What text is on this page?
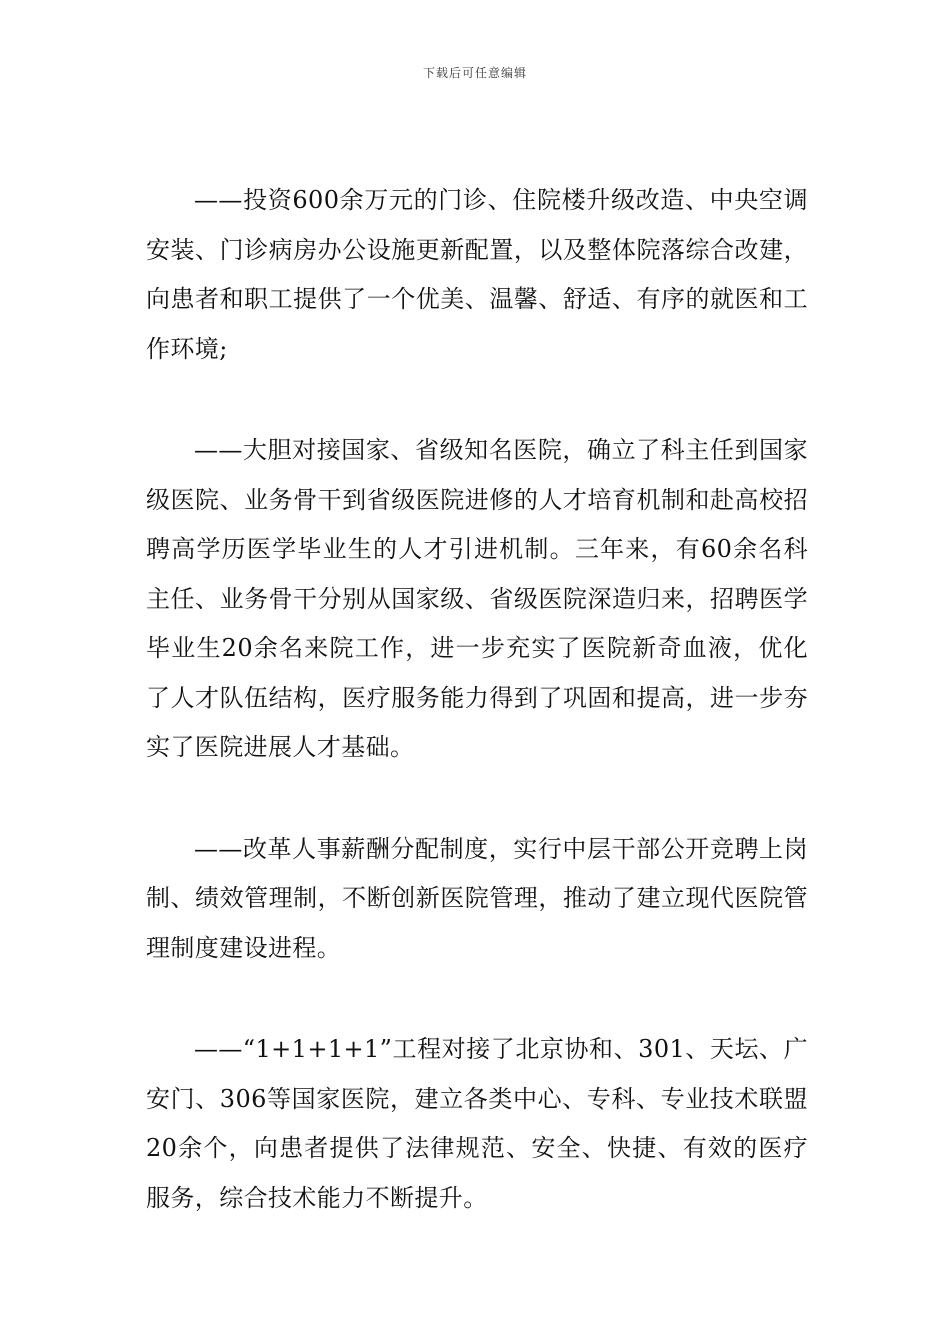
下载后可任意编辑

——投资600余万元的门诊、住院楼升级改造、中央空调安装、门诊病房办公设施更新配置，以及整体院落综合改建，向患者和职工提供了一个优美、温馨、舒适、有序的就医和工作环境;

——大胆对接国家、省级知名医院，确立了科主任到国家级医院、业务骨干到省级医院进修的人才培育机制和赴高校招聘高学历医学毕业生的人才引进机制。三年来，有60余名科主任、业务骨干分别从国家级、省级医院深造归来，招聘医学毕业生20余名来院工作，进一步充实了医院新奇血液，优化了人才队伍结构，医疗服务能力得到了巩固和提高，进一步夯实了医院进展人才基础。

——改革人事薪酬分配制度，实行中层干部公开竞聘上岗制、绩效管理制，不断创新医院管理，推动了建立现代医院管理制度建设进程。

——“1+1+1+1”工程对接了北京协和、301、天坛、广安门、306等国家医院，建立各类中心、专科、专业技术联盟20余个，向患者提供了法律规范、安全、快捷、有效的医疗服务，综合技术能力不断提升。
